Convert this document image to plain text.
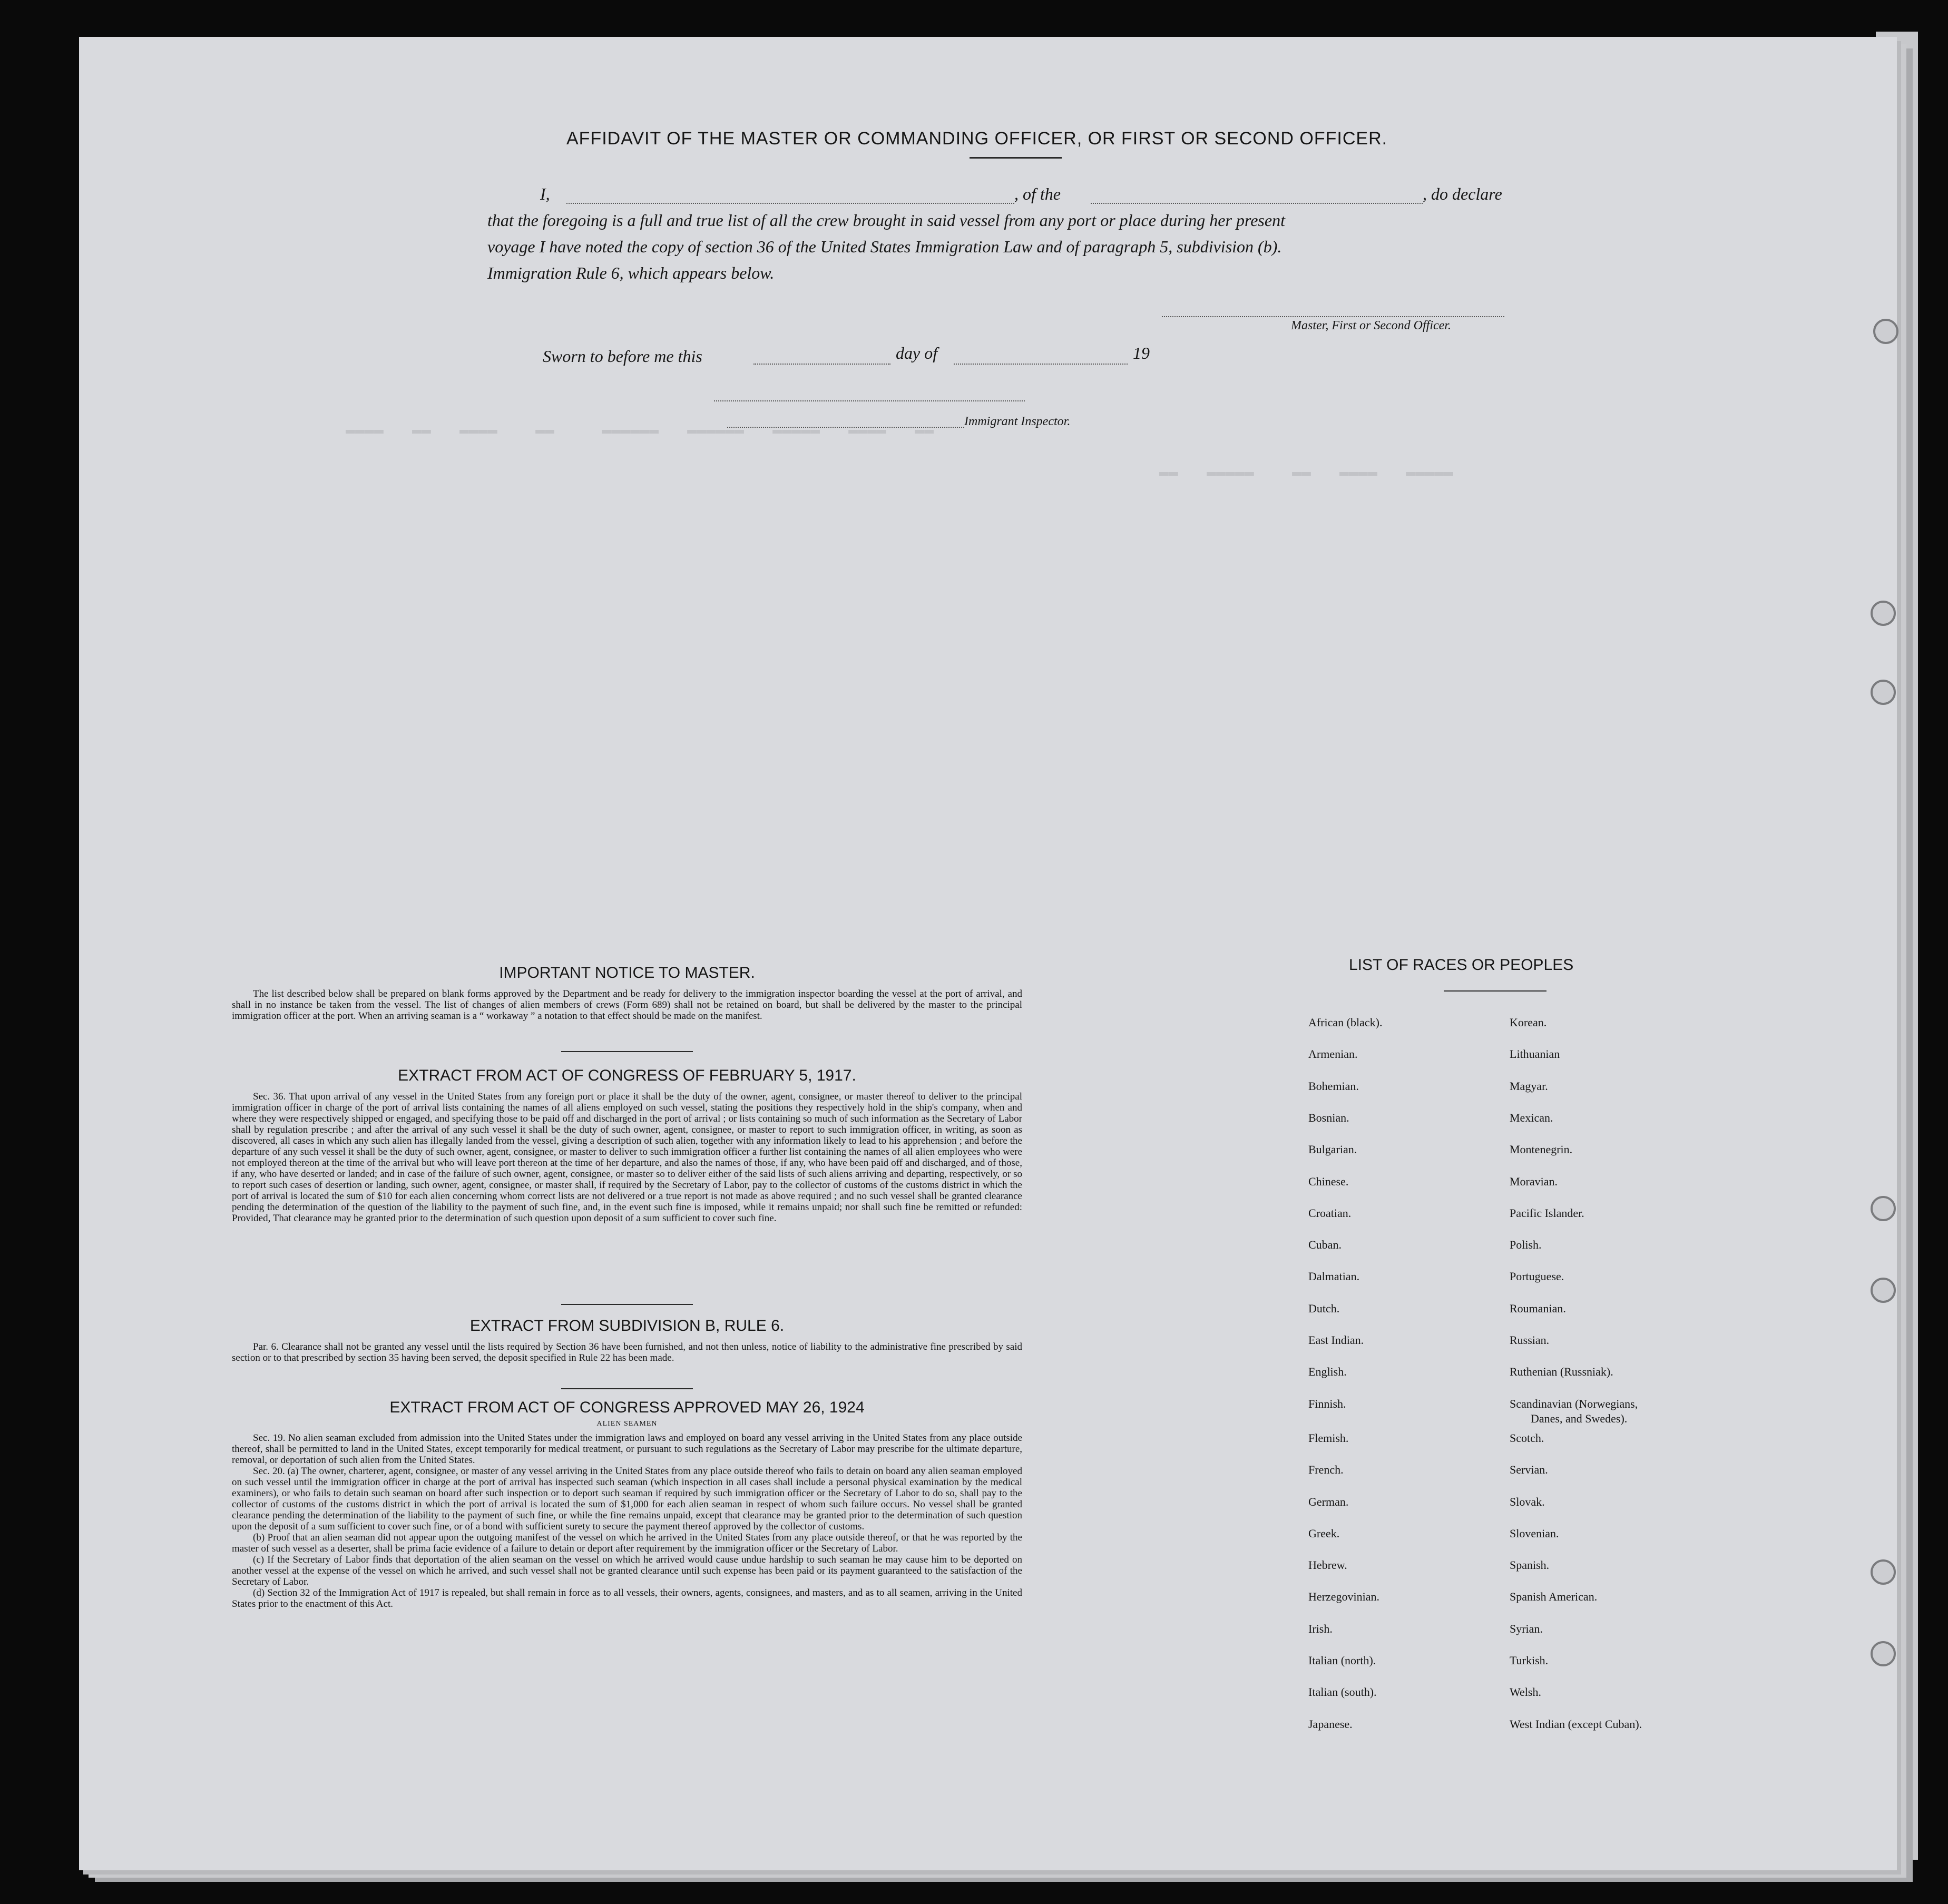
▬▬▬▬   ▬▬   ▬▬▬▬    ▬▬     ▬▬▬▬▬▬   ▬▬▬▬▬▬   ▬▬▬▬▬   ▬▬▬▬   ▬▬
▬▬   ▬▬▬▬▬    ▬▬   ▬▬▬▬   ▬▬▬▬▬
AFFIDAVIT OF THE MASTER OR COMMANDING OFFICER, OR FIRST OR SECOND OFFICER.
I,	, of the	, do declare
that the foregoing is a full and true list of all the crew brought in said vessel from any port or place during her present
voyage I have noted the copy of section 36 of the United States Immigration Law and of paragraph 5, subdivision (b).
Immigration Rule 6, which appears below.
Master, First or Second Officer.
Sworn to before me this	day of	19
Immigrant Inspector.
IMPORTANT NOTICE TO MASTER.
The list described below shall be prepared on blank forms approved by the Department and be ready for delivery to the immigration inspector boarding the vessel at the port of arrival, and shall in no instance be taken from the vessel. The list of changes of alien members of crews (Form 689) shall not be retained on board, but shall be delivered by the master to the principal immigration officer at the port. When an arriving seaman is a “ workaway ” a notation to that effect should be made on the manifest.
EXTRACT FROM ACT OF CONGRESS OF FEBRUARY 5, 1917.
Sec. 36. That upon arrival of any vessel in the United States from any foreign port or place it shall be the duty of the owner, agent, consignee, or master thereof to deliver to the principal immigration officer in charge of the port of arrival lists containing the names of all aliens employed on such vessel, stating the positions they respectively hold in the ship's company, when and where they were respectively shipped or engaged, and specifying those to be paid off and discharged in the port of arrival ; or lists containing so much of such information as the Secretary of Labor shall by regulation prescribe ; and after the arrival of any such vessel it shall be the duty of such owner, agent, consignee, or master to report to such immigration officer, in writing, as soon as discovered, all cases in which any such alien has illegally landed from the vessel, giving a description of such alien, together with any information likely to lead to his apprehension ; and before the departure of any such vessel it shall be the duty of such owner, agent, consignee, or master to deliver to such immigration officer a further list containing the names of all alien employees who were not employed thereon at the time of the arrival but who will leave port thereon at the time of her departure, and also the names of those, if any, who have been paid off and discharged, and of those, if any, who have deserted or landed; and in case of the failure of such owner, agent, consignee, or master so to deliver either of the said lists of such aliens arriving and departing, respectively, or so to report such cases of desertion or landing, such owner, agent, consignee, or master shall, if required by the Secretary of Labor, pay to the collector of customs of the customs district in which the port of arrival is located the sum of $10 for each alien concerning whom correct lists are not delivered or a true report is not made as above required ; and no such vessel shall be granted clearance pending the determination of the question of the liability to the payment of such fine, and, in the event such fine is imposed, while it remains unpaid; nor shall such fine be remitted or refunded: Provided, That clearance may be granted prior to the determination of such question upon deposit of a sum sufficient to cover such fine.
EXTRACT FROM SUBDIVISION B, RULE 6.
Par. 6. Clearance shall not be granted any vessel until the lists required by Section 36 have been furnished, and not then unless, notice of liability to the administrative fine prescribed by said section or to that prescribed by section 35 having been served, the deposit specified in Rule 22 has been made.
EXTRACT FROM ACT OF CONGRESS APPROVED MAY 26, 1924
ALIEN SEAMEN
Sec. 19. No alien seaman excluded from admission into the United States under the immigration laws and employed on board any vessel arriving in the United States from any place outside thereof, shall be permitted to land in the United States, except temporarily for medical treatment, or pursuant to such regulations as the Secretary of Labor may prescribe for the ultimate departure, removal, or deportation of such alien from the United States.
Sec. 20. (a) The owner, charterer, agent, consignee, or master of any vessel arriving in the United States from any place outside thereof who fails to detain on board any alien seaman employed on such vessel until the immigration officer in charge at the port of arrival has inspected such seaman (which inspection in all cases shall include a personal physical examination by the medical examiners), or who fails to detain such seaman on board after such inspection or to deport such seaman if required by such immigration officer or the Secretary of Labor to do so, shall pay to the collector of customs of the customs district in which the port of arrival is located the sum of $1,000 for each alien seaman in respect of whom such failure occurs. No vessel shall be granted clearance pending the determination of the liability to the payment of such fine, or while the fine remains unpaid, except that clearance may be granted prior to the determination of such question upon the deposit of a sum sufficient to cover such fine, or of a bond with sufficient surety to secure the payment thereof approved by the collector of customs.
(b) Proof that an alien seaman did not appear upon the outgoing manifest of the vessel on which he arrived in the United States from any place outside thereof, or that he was reported by the master of such vessel as a deserter, shall be prima facie evidence of a failure to detain or deport after requirement by the immigration officer or the Secretary of Labor.
(c) If the Secretary of Labor finds that deportation of the alien seaman on the vessel on which he arrived would cause undue hardship to such seaman he may cause him to be deported on another vessel at the expense of the vessel on which he arrived, and such vessel shall not be granted clearance until such expense has been paid or its payment guaranteed to the satisfaction of the Secretary of Labor.
(d) Section 32 of the Immigration Act of 1917 is repealed, but shall remain in force as to all vessels, their owners, agents, consignees, and masters, and as to all seamen, arriving in the United States prior to the enactment of this Act.
LIST OF RACES OR PEOPLES
African (black).
Armenian.
Bohemian.
Bosnian.
Bulgarian.
Chinese.
Croatian.
Cuban.
Dalmatian.
Dutch.
East Indian.
English.
Finnish.
Flemish.
French.
German.
Greek.
Hebrew.
Herzegovinian.
Irish.
Italian (north).
Italian (south).
Japanese.
Korean.
Lithuanian
Magyar.
Mexican.
Montenegrin.
Moravian.
Pacific Islander.
Polish.
Portuguese.
Roumanian.
Russian.
Ruthenian (Russniak).
Scandinavian (Norwegians,
Scotch.
Servian.
Slovak.
Slovenian.
Spanish.
Spanish American.
Syrian.
Turkish.
Welsh.
West Indian (except Cuban).
Danes, and Swedes).
